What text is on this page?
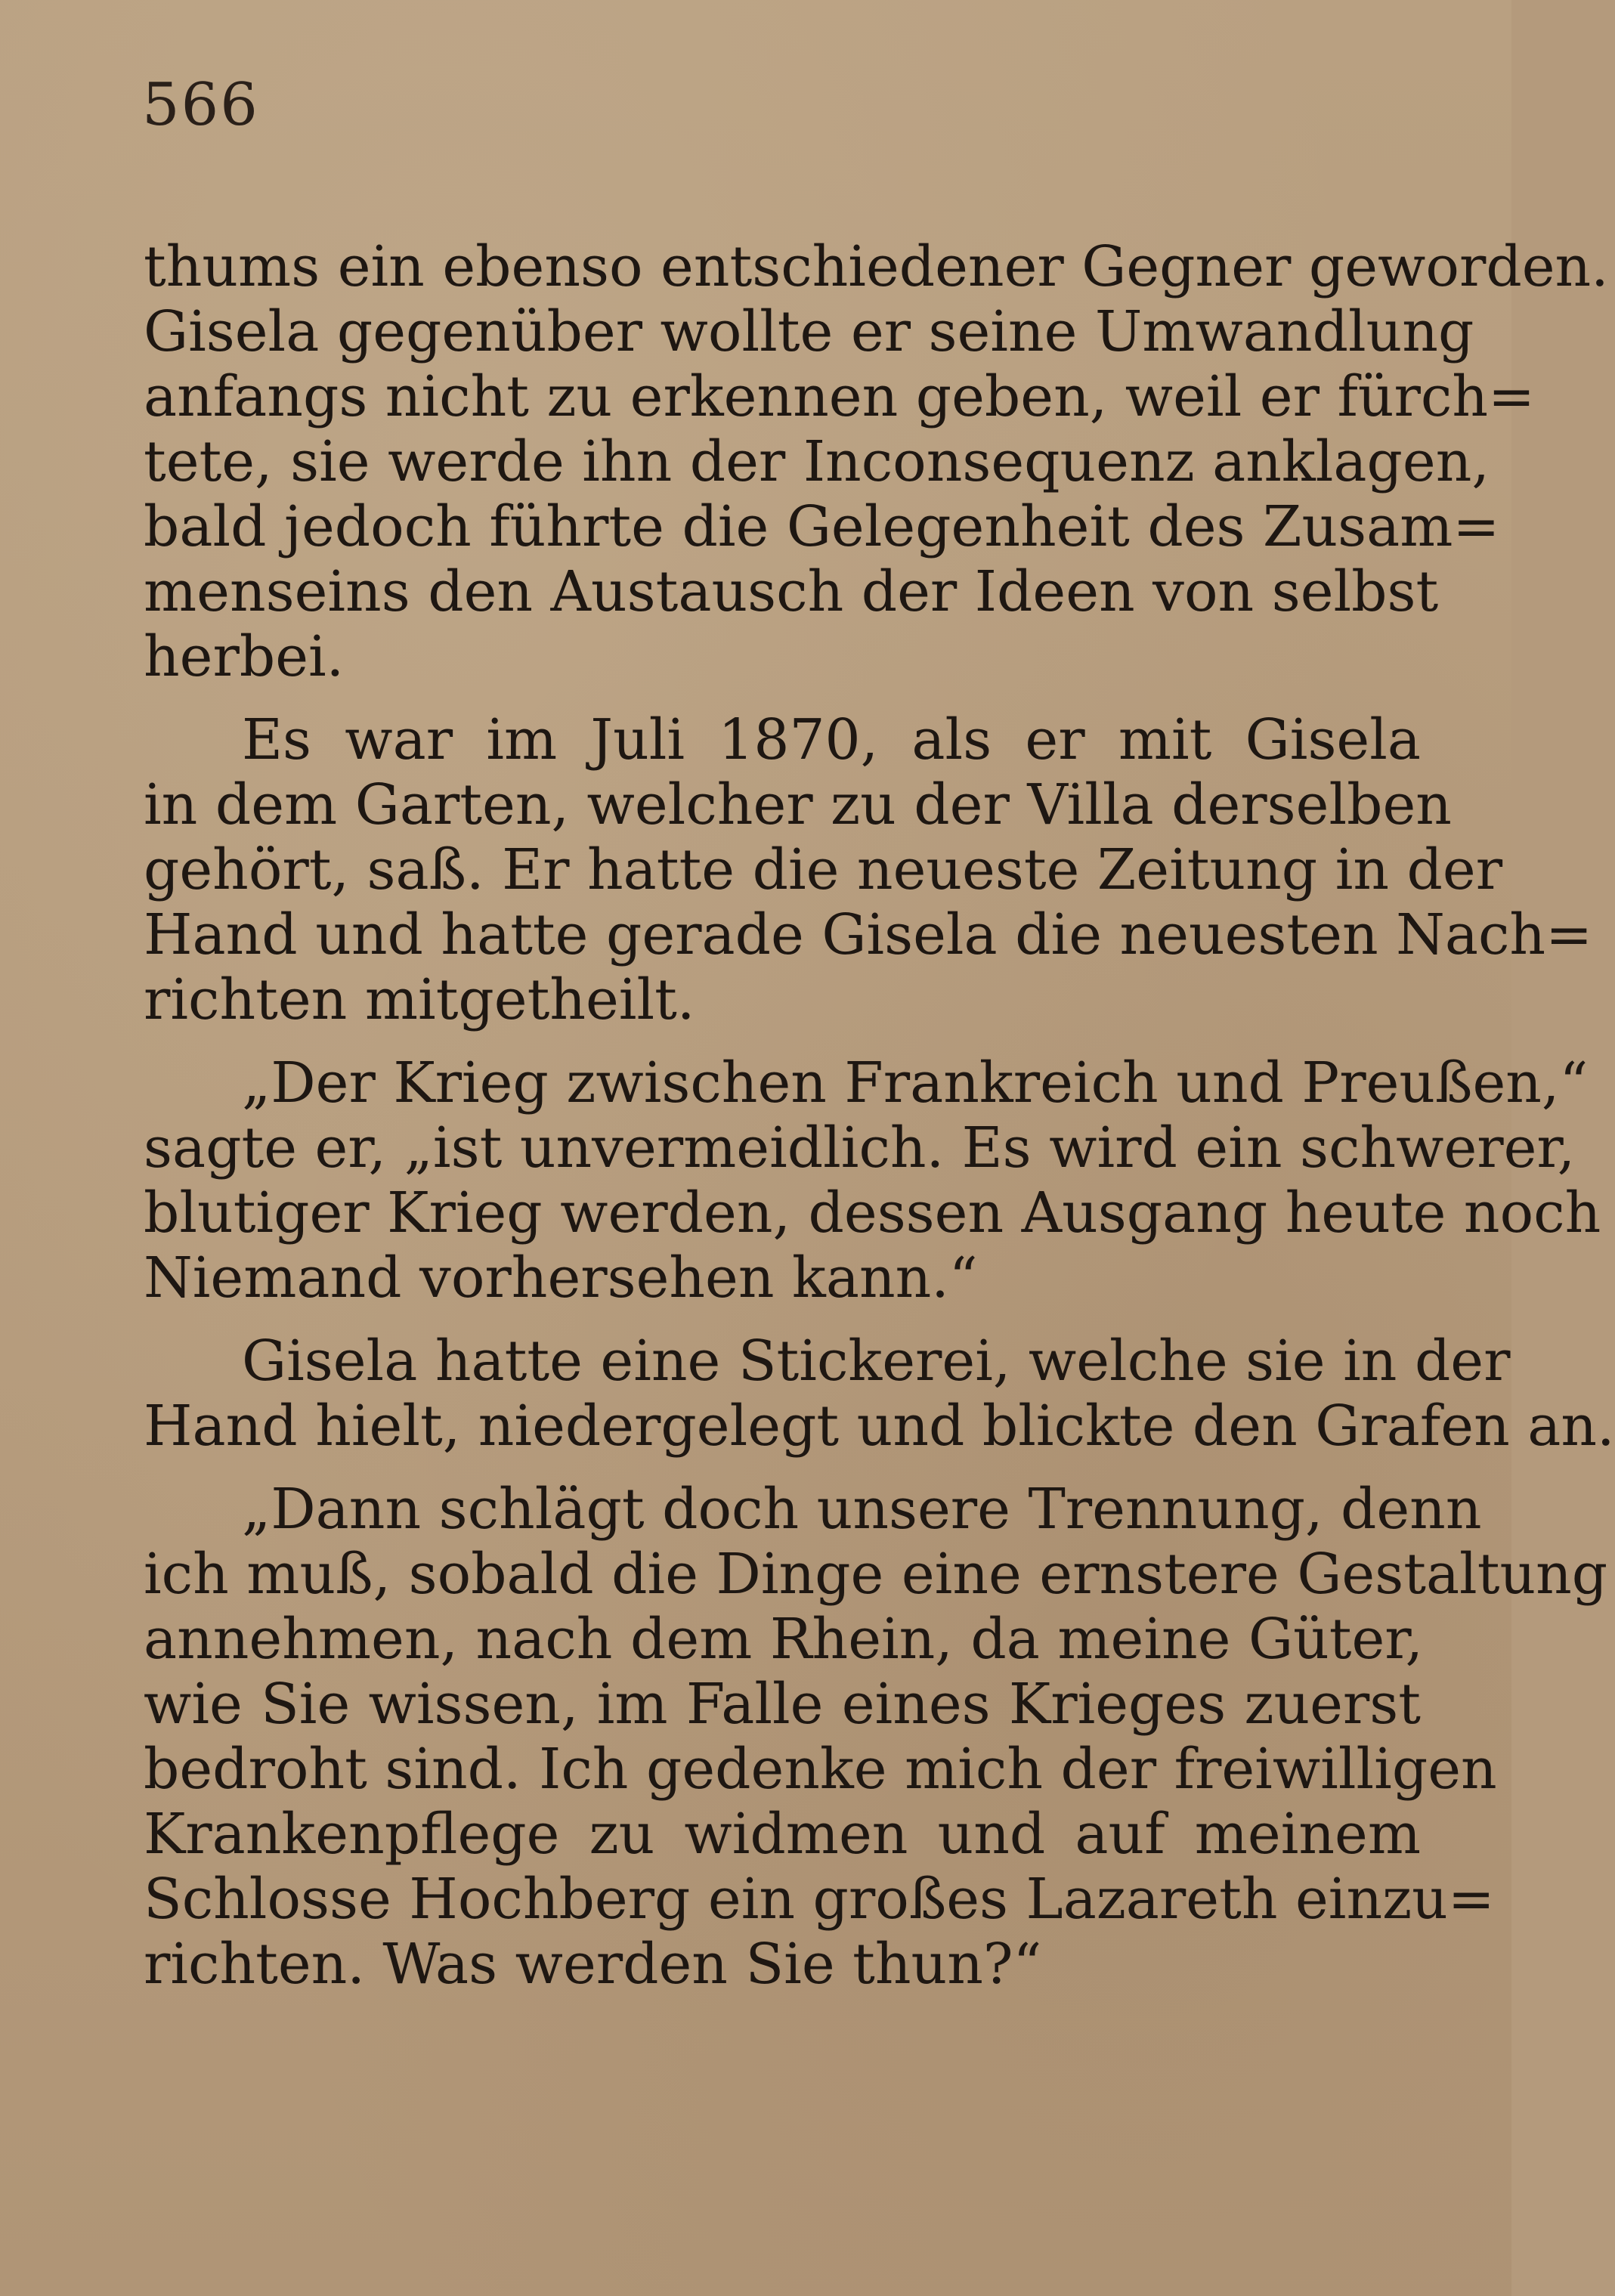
566
thums ein ebenso entschiedener Gegner geworden.
Gisela gegenüber wollte er seine Umwandlung
anfangs nicht zu erkennen geben, weil er fürch=
tete, sie werde ihn der Inconsequenz anklagen,
bald jedoch führte die Gelegenheit des Zusam=
menseins den Austausch der Ideen von selbst
herbei.
Es war im Juli 1870, als er mit Gisela
in dem Garten, welcher zu der Villa derselben
gehört, saß. Er hatte die neueste Zeitung in der
Hand und hatte gerade Gisela die neuesten Nach=
richten mitgetheilt.
„Der Krieg zwischen Frankreich und Preußen,“
sagte er, „ist unvermeidlich. Es wird ein schwerer,
blutiger Krieg werden, dessen Ausgang heute noch
Niemand vorhersehen kann.“
Gisela hatte eine Stickerei, welche sie in der
Hand hielt, niedergelegt und blickte den Grafen an.
„Dann schlägt doch unsere Trennung, denn
ich muß, sobald die Dinge eine ernstere Gestaltung
annehmen, nach dem Rhein, da meine Güter,
wie Sie wissen, im Falle eines Krieges zuerst
bedroht sind. Ich gedenke mich der freiwilligen
Krankenpflege zu widmen und auf meinem
Schlosse Hochberg ein großes Lazareth einzu=
richten. Was werden Sie thun?“
